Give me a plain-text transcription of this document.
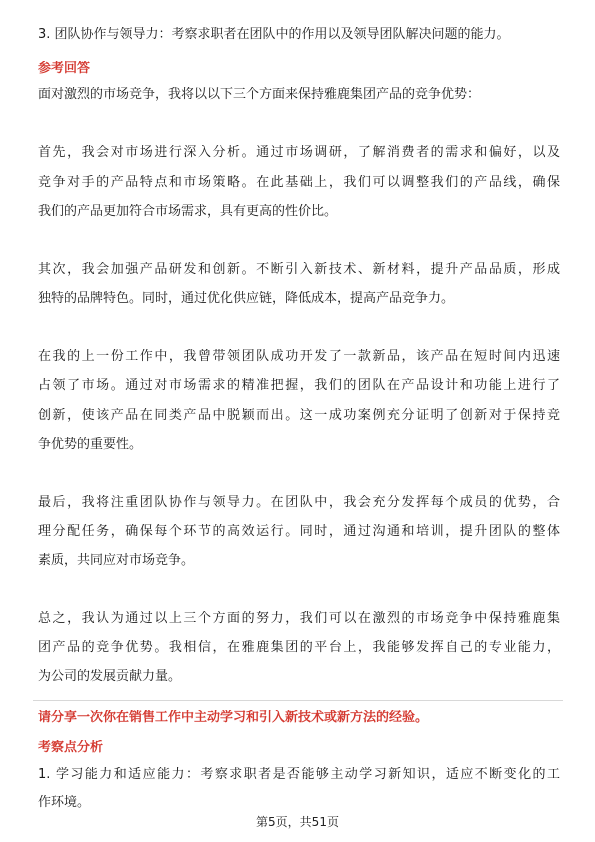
3. 团队协作与领导力：考察求职者在团队中的作用以及领导团队解决问题的能力。
参考回答
面对激烈的市场竞争，我将以以下三个方面来保持雅鹿集团产品的竞争优势：
首先，我会对市场进行深入分析。通过市场调研，了解消费者的需求和偏好，以及
竞争对手的产品特点和市场策略。在此基础上，我们可以调整我们的产品线，确保
我们的产品更加符合市场需求，具有更高的性价比。
其次，我会加强产品研发和创新。不断引入新技术、新材料，提升产品品质，形成
独特的品牌特色。同时，通过优化供应链，降低成本，提高产品竞争力。
在我的上一份工作中，我曾带领团队成功开发了一款新品，该产品在短时间内迅速
占领了市场。通过对市场需求的精准把握，我们的团队在产品设计和功能上进行了
创新，使该产品在同类产品中脱颖而出。这一成功案例充分证明了创新对于保持竞
争优势的重要性。
最后，我将注重团队协作与领导力。在团队中，我会充分发挥每个成员的优势，合
理分配任务，确保每个环节的高效运行。同时，通过沟通和培训，提升团队的整体
素质，共同应对市场竞争。
总之，我认为通过以上三个方面的努力，我们可以在激烈的市场竞争中保持雅鹿集
团产品的竞争优势。我相信，在雅鹿集团的平台上，我能够发挥自己的专业能力，
为公司的发展贡献力量。
请分享一次你在销售工作中主动学习和引入新技术或新方法的经验。
考察点分析
1. 学习能力和适应能力：考察求职者是否能够主动学习新知识，适应不断变化的工
作环境。
第5页，共51页
